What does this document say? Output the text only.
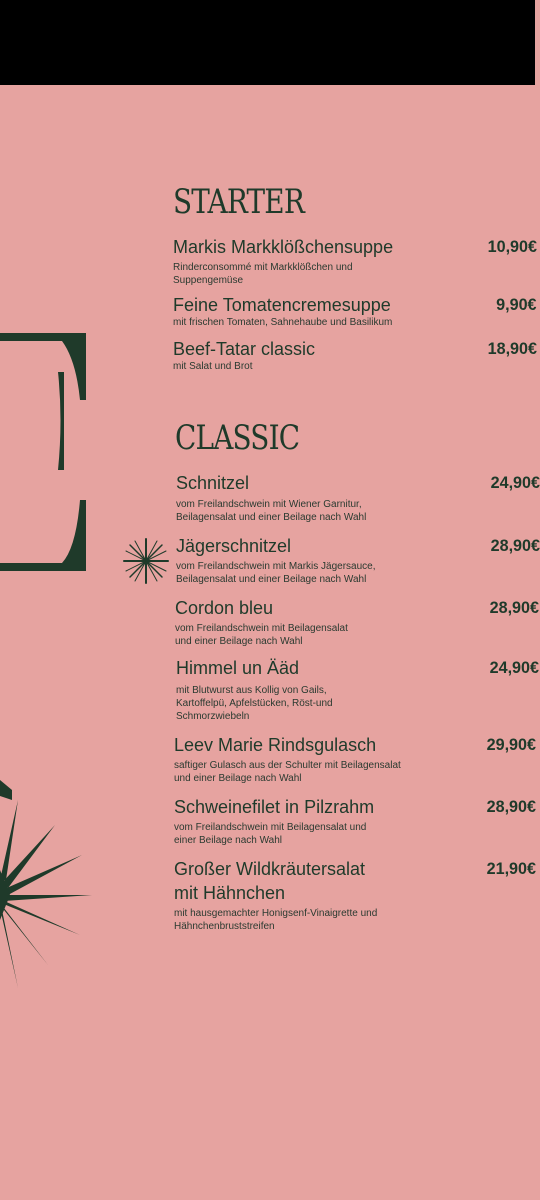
STARTER
Markis Markklößchensuppe
Rinderconsommé mit Markklößchen und Suppengemüse
10,90€
Feine Tomatencremesuppe
mit frischen Tomaten, Sahnehaube und Basilikum
9,90€
Beef-Tatar classic
mit Salat und Brot
18,90€
CLASSIC
Schnitzel
vom Freilandschwein mit Wiener Garnitur, Beilagensalat und einer Beilage nach Wahl
24,90€
Jägerschnitzel
vom Freilandschwein mit Markis Jägersauce, Beilagensalat und einer Beilage nach Wahl
28,90€
Cordon bleu
vom Freilandschwein mit Beilagensalat und einer Beilage nach Wahl
28,90€
Himmel un Ääd
mit Blutwurst aus Kollig von Gails, Kartoffelpü, Apfelstücken, Röst-und Schmorzwiebeln
24,90€
Leev Marie Rindsgulasch
saftiger Gulasch aus der Schulter mit Beilagensalat und einer Beilage nach Wahl
29,90€
Schweinefilet in Pilzrahm
vom Freilandschwein mit Beilagensalat und einer Beilage nach Wahl
28,90€
Großer Wildkräutersalat mit Hähnchen
mit hausgemachter Honigsenf-Vinaigrette und Hähnchenbruststreifen
21,90€
